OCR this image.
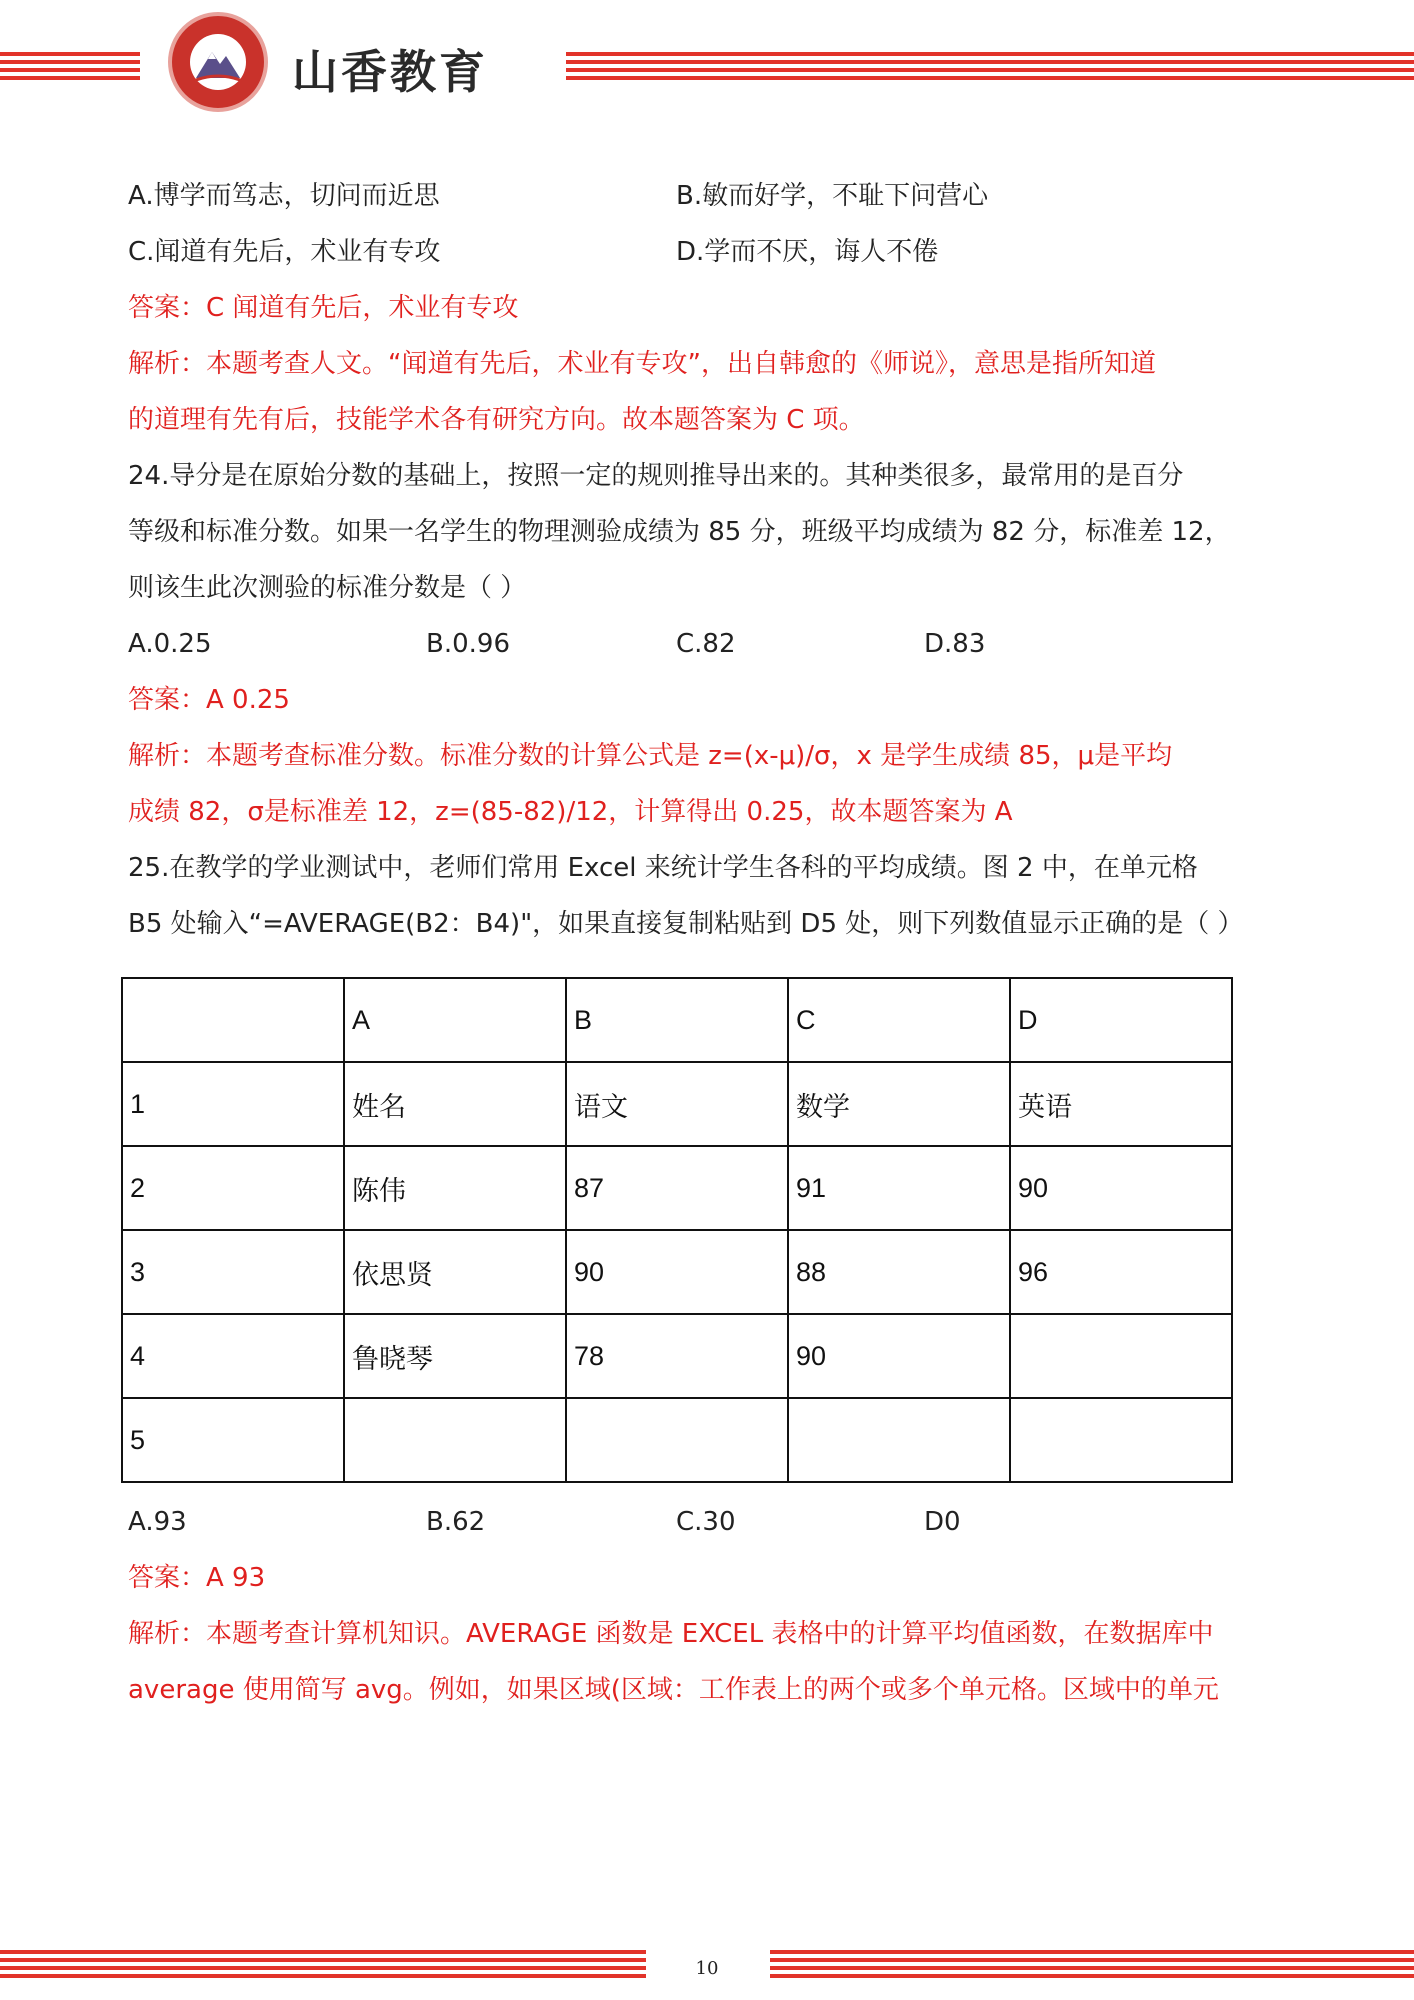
山香教育
A.博学而笃志，切问而近思	B.敏而好学，不耻下问营心
C.闻道有先后，术业有专攻	D.学而不厌，诲人不倦
答案：C 闻道有先后，术业有专攻
解析：本题考查人文。“闻道有先后，术业有专攻”，出自韩愈的《师说》，意思是指所知道
的道理有先有后，技能学术各有研究方向。故本题答案为 C 项。
24.导分是在原始分数的基础上，按照一定的规则推导出来的。其种类很多，最常用的是百分
等级和标准分数。如果一名学生的物理测验成绩为 85 分，班级平均成绩为 82 分，标准差 12，
则该生此次测验的标准分数是（ ）
A.0.25	B.0.96	C.82	D.83
答案：A 0.25
解析：本题考查标准分数。标准分数的计算公式是 z=(x-μ)/σ，x 是学生成绩 85，μ是平均
成绩 82，σ是标准差 12，z=(85-82)/12，计算得出 0.25，故本题答案为 A
25.在教学的学业测试中，老师们常用 Excel 来统计学生各科的平均成绩。图 2 中，在单元格
B5 处输入“=AVERAGE(B2：B4)"，如果直接复制粘贴到 D5 处，则下列数值显示正确的是（ ）
	A	B	C	D
1	姓名	语文	数学	英语
2	陈伟	87	91	90
3	依思贤	90	88	96
4	鲁晓琴	78	90	
5				
A.93	B.62	C.30	D0
答案：A 93
解析：本题考查计算机知识。AVERAGE 函数是 EXCEL 表格中的计算平均值函数，在数据库中
average 使用简写 avg。例如，如果区域(区域：工作表上的两个或多个单元格。区域中的单元
10
